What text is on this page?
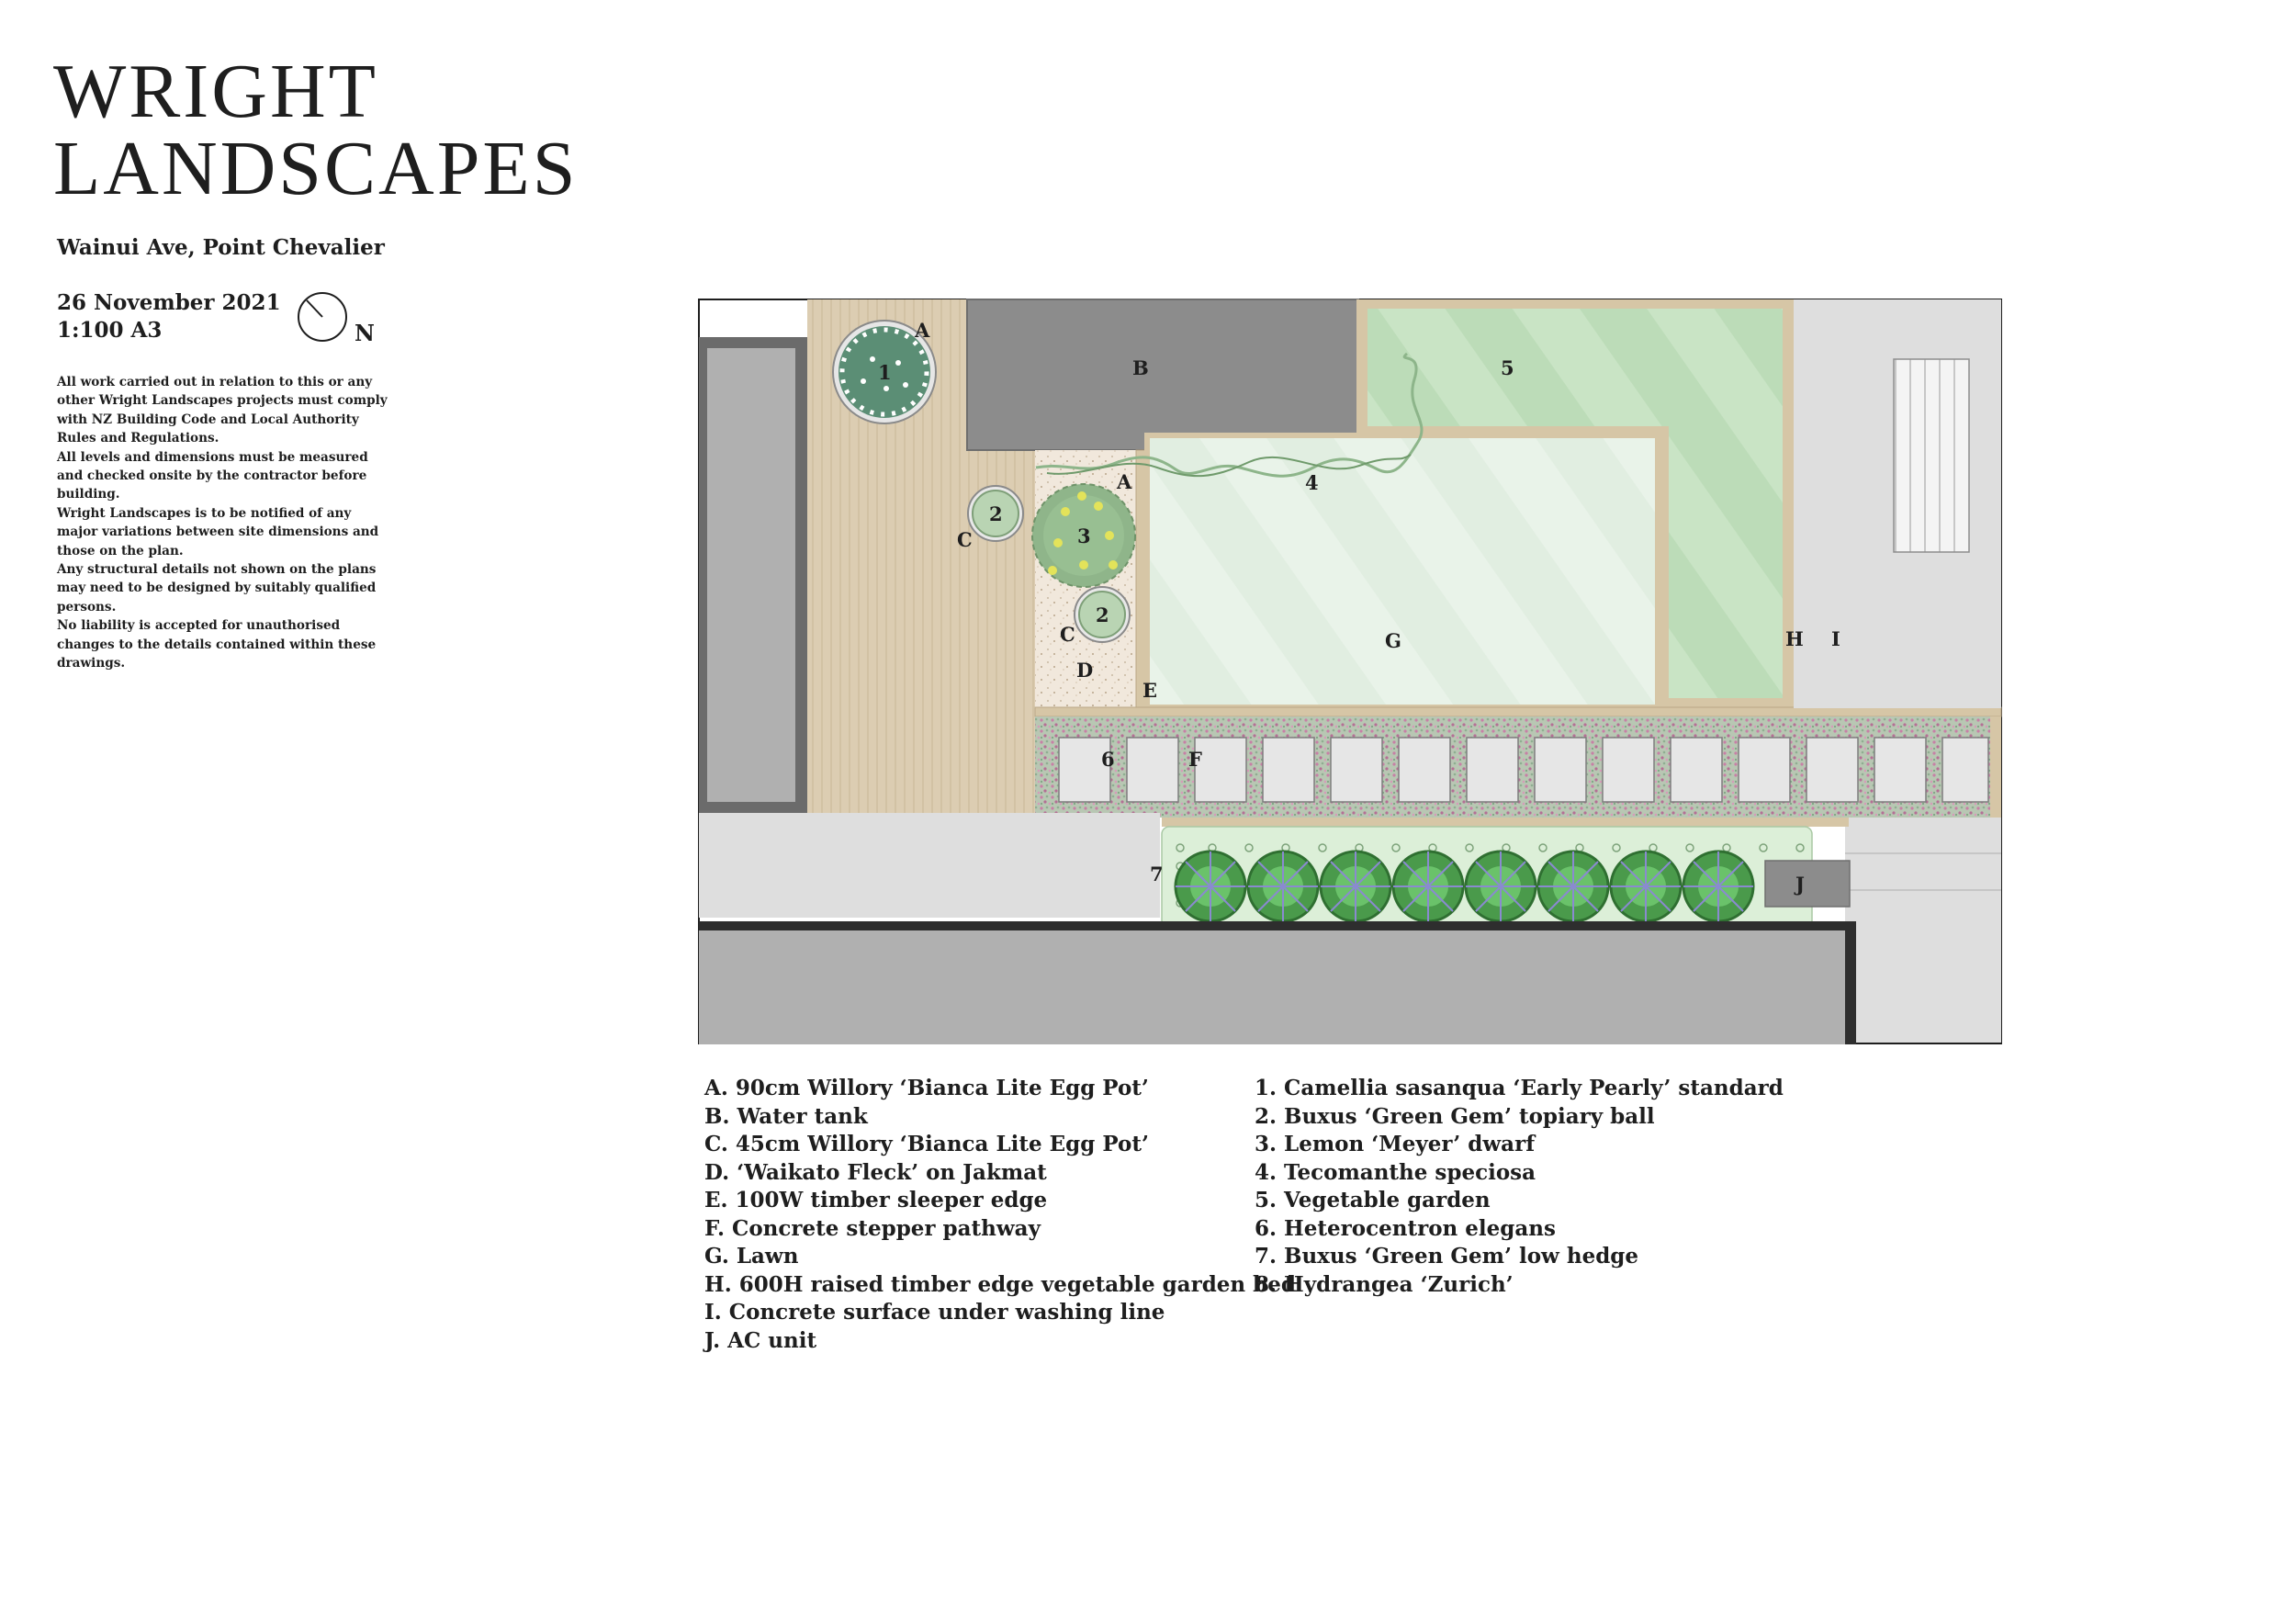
WRIGHT
LANDSCAPES
Wainui Ave, Point Chevalier
26 November 2021
1:100 A3	N
All work carried out in relation to this or any other Wright Landscapes projects must comply with NZ Building Code and Local Authority Rules and Regulations.
All levels and dimensions must be measured and checked onsite by the contractor before building.
Wright Landscapes is to be notified of any major variations between site dimensions and those on the plan.
Any structural details not shown on the plans may need to be designed by suitably qualified persons.
No liability is accepted for unauthorised changes to the details contained within these drawings.
A
A
B
C
C
D
E
F
G	H I
J
1
2
2
3
4
5
6
7
A. 90cm Willory ‘Bianca Lite Egg Pot’
B. Water tank
C. 45cm Willory ‘Bianca Lite Egg Pot’
D. ‘Waikato Fleck’ on Jakmat
E. 100W timber sleeper edge
F. Concrete stepper pathway
G. Lawn
H. 600H raised timber edge vegetable garden bed
I. Concrete surface under washing line
J. AC unit
1. Camellia sasanqua ‘Early Pearly’ standard
2. Buxus ‘Green Gem’ topiary ball
3. Lemon ‘Meyer’ dwarf
4. Tecomanthe speciosa
5. Vegetable garden
6. Heterocentron elegans
7. Buxus ‘Green Gem’ low hedge
8. Hydrangea ‘Zurich’
